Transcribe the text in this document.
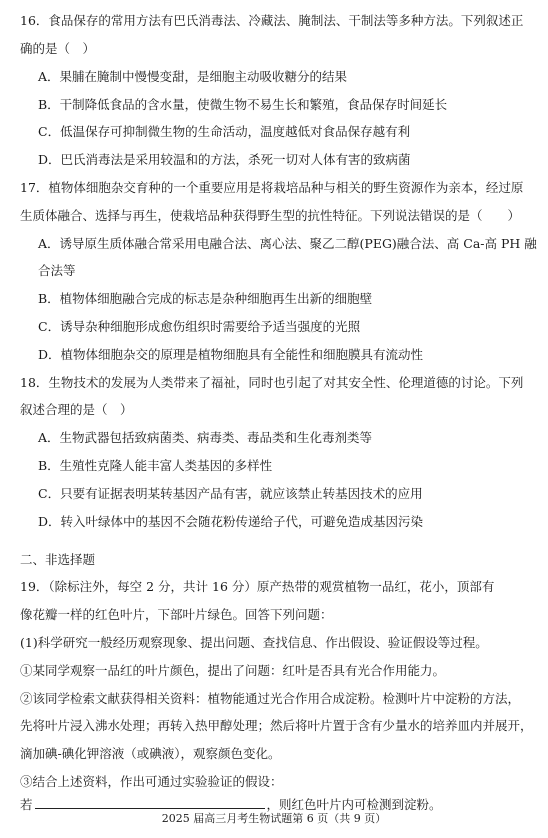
16．食品保存的常用方法有巴氏消毒法、冷藏法、腌制法、干制法等多种方法。下列叙述正
确的是（　）
A．果脯在腌制中慢慢变甜，是细胞主动吸收糖分的结果
B．干制降低食品的含水量，使微生物不易生长和繁殖，食品保存时间延长
C．低温保存可抑制微生物的生命活动，温度越低对食品保存越有利
D．巴氏消毒法是采用较温和的方法，杀死一切对人体有害的致病菌
17．植物体细胞杂交育种的一个重要应用是将栽培品种与相关的野生资源作为亲本，经过原
生质体融合、选择与再生，使栽培品种获得野生型的抗性特征。下列说法错误的是（　　）
A．诱导原生质体融合常采用电融合法、离心法、聚乙二醇(PEG)融合法、高 Ca-高 PH 融
合法等
B．植物体细胞融合完成的标志是杂种细胞再生出新的细胞壁
C．诱导杂种细胞形成愈伤组织时需要给予适当强度的光照
D．植物体细胞杂交的原理是植物细胞具有全能性和细胞膜具有流动性
18．生物技术的发展为人类带来了福祉，同时也引起了对其安全性、伦理道德的讨论。下列
叙述合理的是（　）
A．生物武器包括致病菌类、病毒类、毒品类和生化毒剂类等
B．生殖性克隆人能丰富人类基因的多样性
C．只要有证据表明某转基因产品有害，就应该禁止转基因技术的应用
D．转入叶绿体中的基因不会随花粉传递给子代，可避免造成基因污染
二、非选择题
19．（除标注外，每空 2 分，共计 16 分）原产热带的观赏植物一品红，花小，顶部有
像花瓣一样的红色叶片，下部叶片绿色。回答下列问题：
(1)科学研究一般经历观察现象、提出问题、查找信息、作出假设、验证假设等过程。
①某同学观察一品红的叶片颜色，提出了问题：红叶是否具有光合作用能力。
②该同学检索文献获得相关资料：植物能通过光合作用合成淀粉。检测叶片中淀粉的方法，
先将叶片浸入沸水处理；再转入热甲醇处理；然后将叶片置于含有少量水的培养皿内并展开，
滴加碘-碘化钾溶液（或碘液），观察颜色变化。
③结合上述资料，作出可通过实验验证的假设：
若	，则红色叶片内可检测到淀粉。
2025 届高三月考生物试题第 6 页（共 9 页）
